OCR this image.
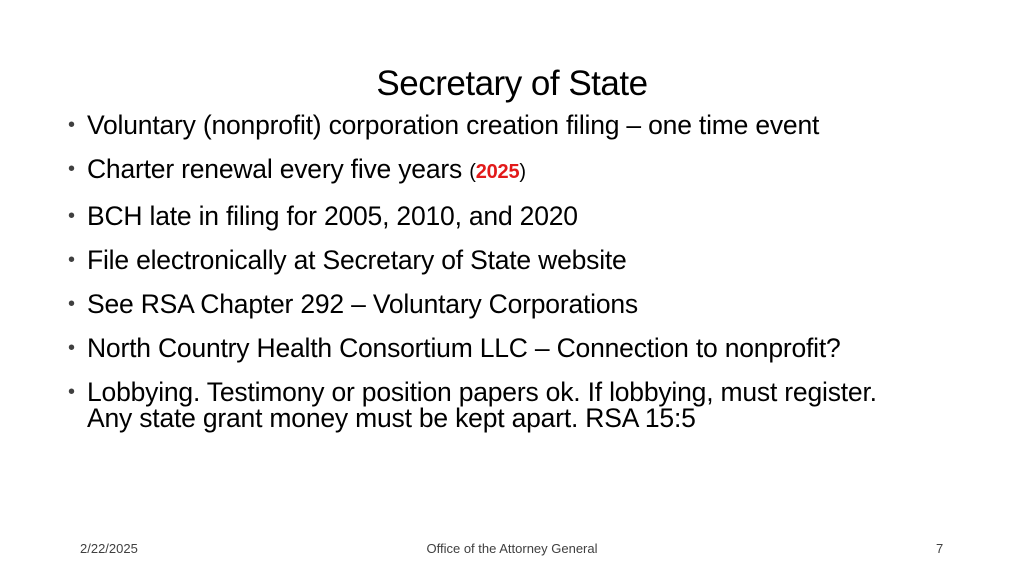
Secretary of State
• Voluntary (nonprofit) corporation creation filing – one time event
• Charter renewal every five years (2025)
• BCH late in filing for 2005, 2010, and 2020
• File electronically at Secretary of State website
• See RSA Chapter 292 – Voluntary Corporations
• North Country Health Consortium LLC – Connection to nonprofit?
• Lobbying. Testimony or position papers ok. If lobbying, must register. Any state grant money must be kept apart. RSA 15:5
2/22/2025	Office of the Attorney General	7
